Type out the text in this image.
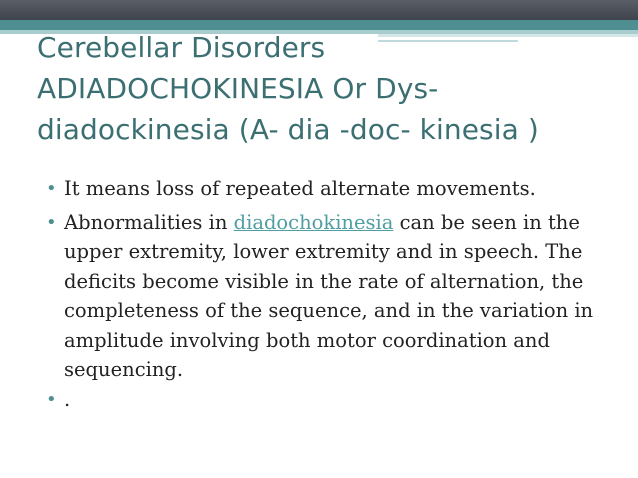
Cerebellar Disorders
ADIADOCHOKINESIA Or Dys-
diadockinesia (A- dia -doc- kinesia )
• It means loss of repeated alternate movements.
• Abnormalities in diadochokinesia can be seen in the upper extremity, lower extremity and in speech. The deficits become visible in the rate of alternation, the completeness of the sequence, and in the variation in amplitude involving both motor coordination and sequencing.
• .
